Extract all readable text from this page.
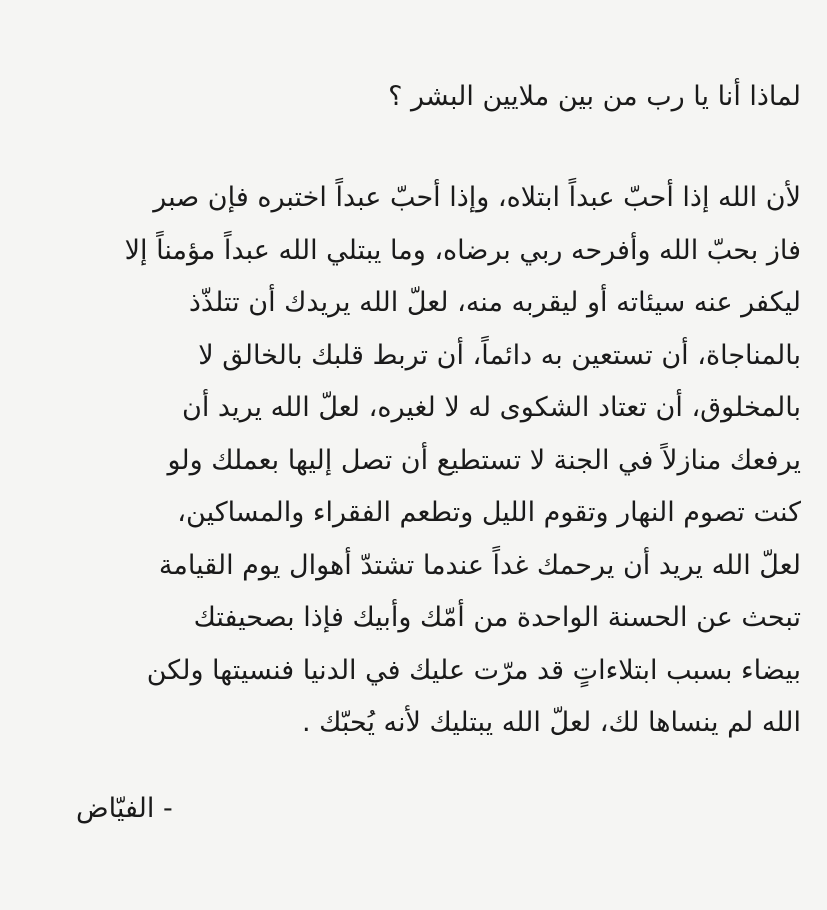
لماذا أنا يا رب من بين ملايين البشر ؟
لأن الله إذا أحبّ عبداً ابتلاه، وإذا أحبّ عبداً اختبره فإن صبر
فاز بحبّ الله وأفرحه ربي برضاه، وما يبتلي الله عبداً مؤمناً إلا
ليكفر عنه سيئاته أو ليقربه منه، لعلّ الله يريدك أن تتلذّذ
بالمناجاة، أن تستعين به دائماً، أن تربط قلبك بالخالق لا
بالمخلوق، أن تعتاد الشكوى له لا لغيره، لعلّ الله يريد أن
يرفعك منازلاً في الجنة لا تستطيع أن تصل إليها بعملك ولو
كنت تصوم النهار وتقوم الليل وتطعم الفقراء والمساكين،
لعلّ الله يريد أن يرحمك غداً عندما تشتدّ أهوال يوم القيامة
تبحث عن الحسنة الواحدة من أمّك وأبيك فإذا بصحيفتك
بيضاء بسبب ابتلاءاتٍ قد مرّت عليك في الدنيا فنسيتها ولكن
الله لم ينساها لك، لعلّ الله يبتليك لأنه يُحبّك .
- الفيّاض
